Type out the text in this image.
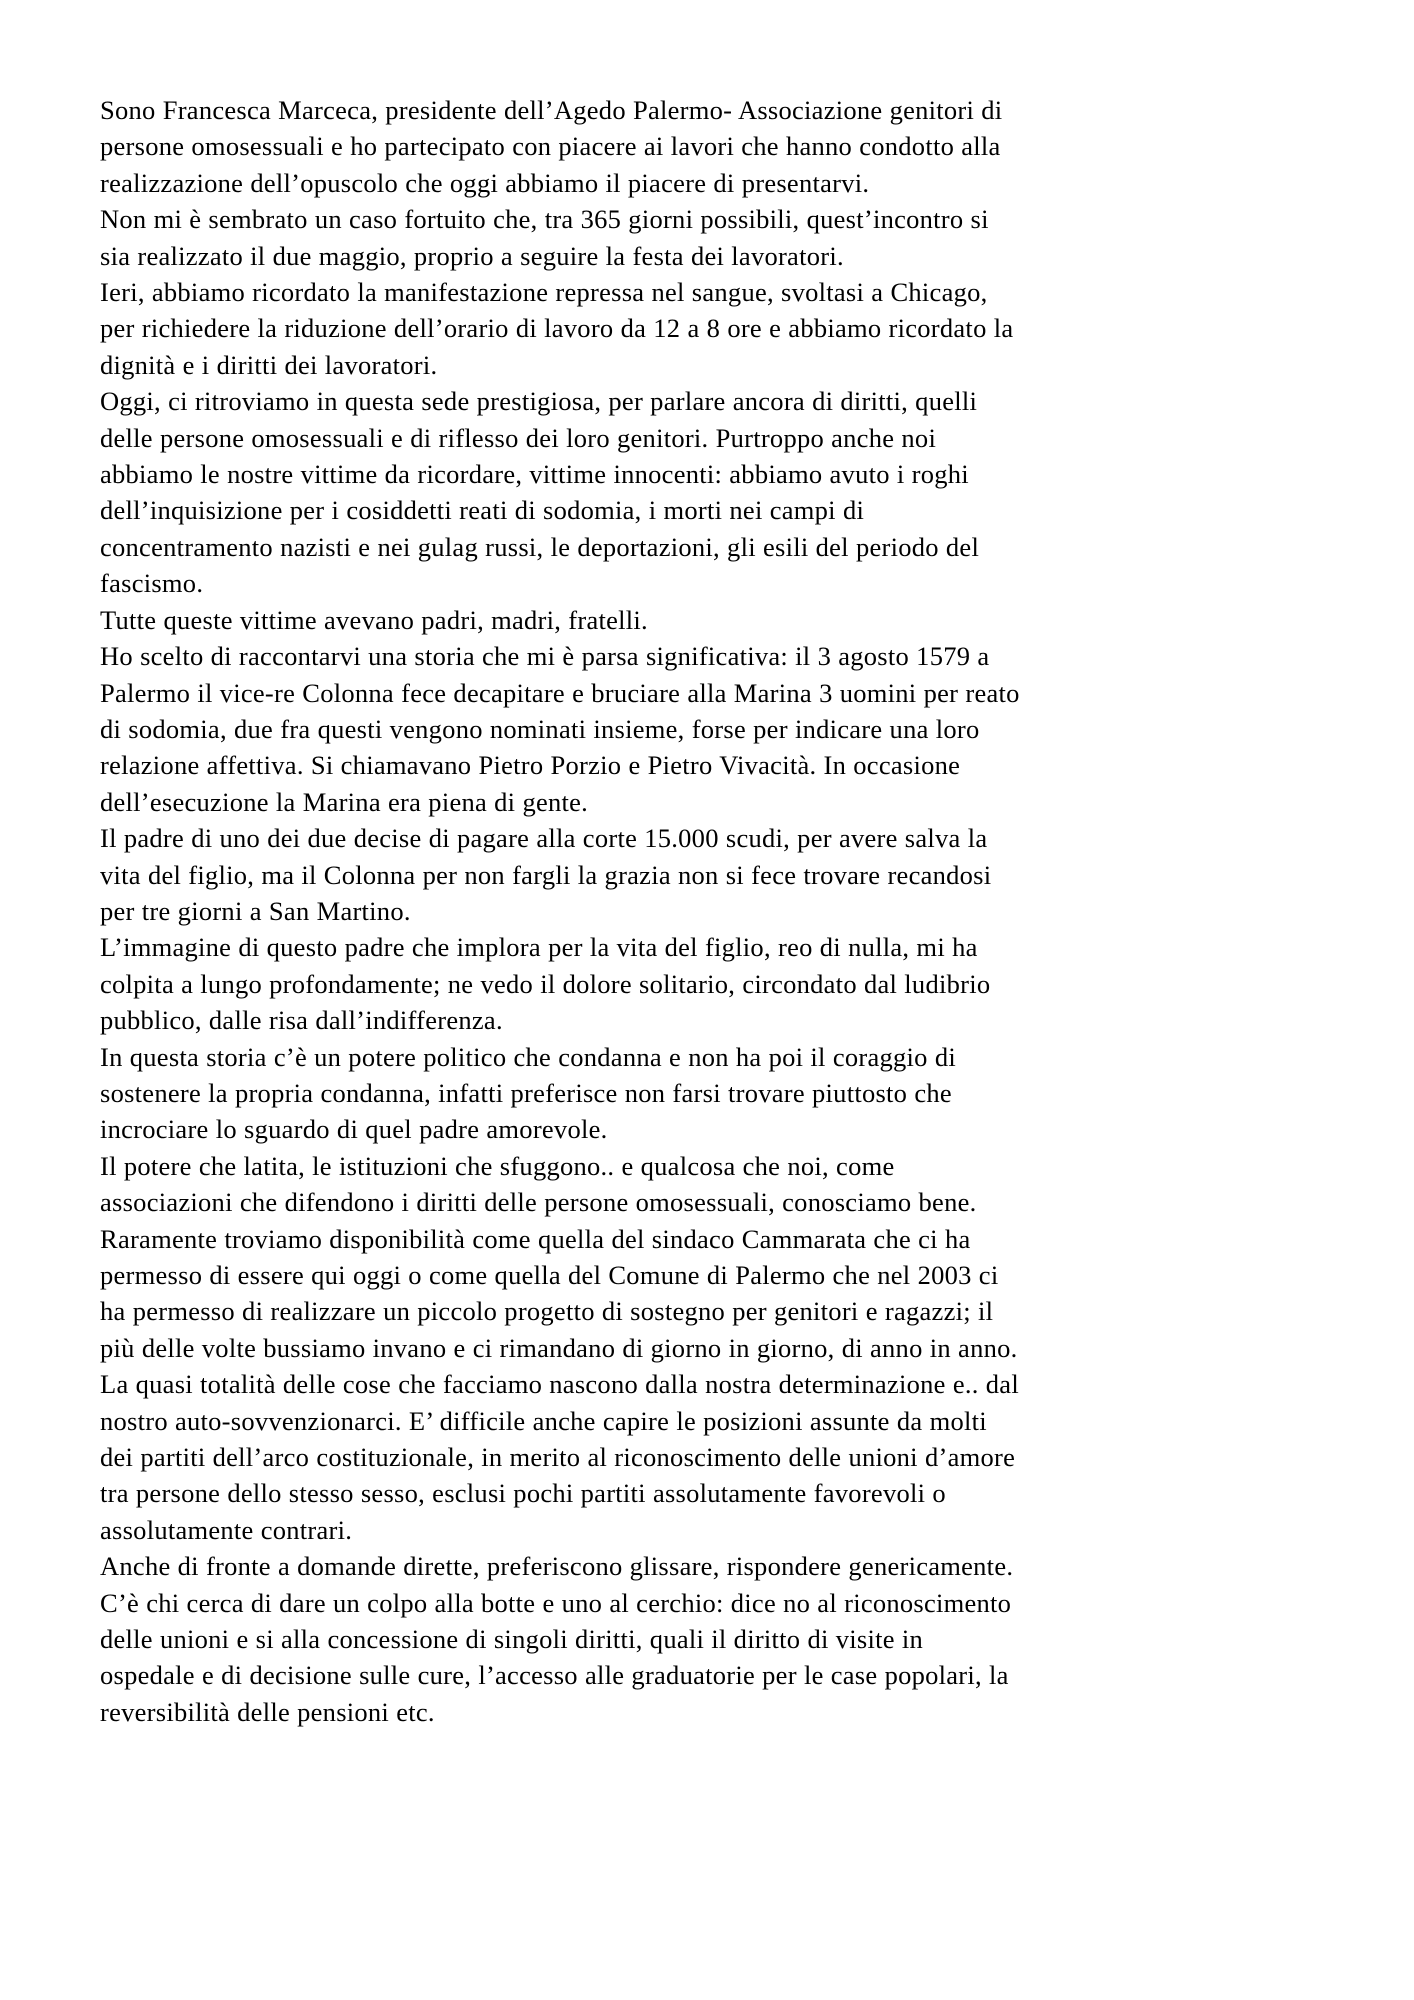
Sono Francesca Marceca, presidente dell’Agedo Palermo- Associazione genitori di persone omosessuali e ho partecipato con piacere ai lavori che hanno condotto alla realizzazione dell’opuscolo che oggi abbiamo il piacere di presentarvi.

Non mi è sembrato un caso fortuito che, tra 365 giorni possibili, quest’incontro si sia realizzato il due maggio, proprio a seguire la festa dei lavoratori.

Ieri, abbiamo ricordato la manifestazione repressa nel sangue, svoltasi a Chicago, per richiedere la riduzione dell’orario di lavoro da 12 a 8 ore e abbiamo ricordato la dignità e i diritti dei lavoratori.

Oggi, ci ritroviamo in questa sede prestigiosa, per parlare ancora di diritti, quelli delle persone omosessuali e di riflesso dei loro genitori. Purtroppo anche noi abbiamo le nostre vittime da ricordare, vittime innocenti: abbiamo avuto i roghi dell’inquisizione per i cosiddetti reati di sodomia, i morti nei campi di concentramento nazisti e nei gulag russi, le deportazioni, gli esili del periodo del fascismo.

Tutte queste vittime avevano padri, madri, fratelli.

Ho scelto di raccontarvi una storia che mi è parsa significativa: il 3 agosto 1579 a Palermo il vice-re Colonna fece decapitare e bruciare alla Marina 3 uomini per reato di sodomia, due fra questi vengono nominati insieme, forse per indicare una loro relazione affettiva. Si chiamavano Pietro Porzio e Pietro Vivacità. In occasione dell’esecuzione la Marina era piena di gente.

Il padre di uno dei due decise di pagare alla corte 15.000 scudi, per avere salva la vita del figlio, ma il Colonna per non fargli la grazia non si fece trovare recandosi per tre giorni a San Martino.

L’immagine di questo padre che implora per la vita del figlio, reo di nulla, mi ha colpita a lungo profondamente; ne vedo il dolore solitario, circondato dal ludibrio pubblico, dalle risa dall’indifferenza.

In questa storia c’è un potere politico che condanna e non ha poi il coraggio di sostenere la propria condanna, infatti preferisce non farsi trovare piuttosto che incrociare lo sguardo di quel padre amorevole.

Il potere che latita, le istituzioni che sfuggono.. e qualcosa che noi, come associazioni che difendono i diritti delle persone omosessuali, conosciamo bene.

Raramente troviamo disponibilità come quella del sindaco Cammarata che ci ha permesso di essere qui oggi o come quella del Comune di Palermo che nel 2003 ci ha permesso di realizzare un piccolo progetto di sostegno per genitori e ragazzi; il più delle volte bussiamo invano e ci rimandano di giorno in giorno, di anno in anno.

La quasi totalità delle cose che facciamo nascono dalla nostra determinazione e.. dal nostro auto-sovvenzionarci. E’ difficile anche capire le posizioni assunte da molti dei partiti dell’arco costituzionale, in merito al riconoscimento delle unioni d’amore tra persone dello stesso sesso, esclusi pochi partiti assolutamente favorevoli o assolutamente contrari.

Anche di fronte a domande dirette, preferiscono glissare, rispondere genericamente.

C’è chi cerca di dare un colpo alla botte e uno al cerchio: dice no al riconoscimento delle unioni e si alla concessione di singoli diritti, quali il diritto di visite in ospedale e di decisione sulle cure, l’accesso alle graduatorie per le case popolari, la reversibilità delle pensioni etc.
